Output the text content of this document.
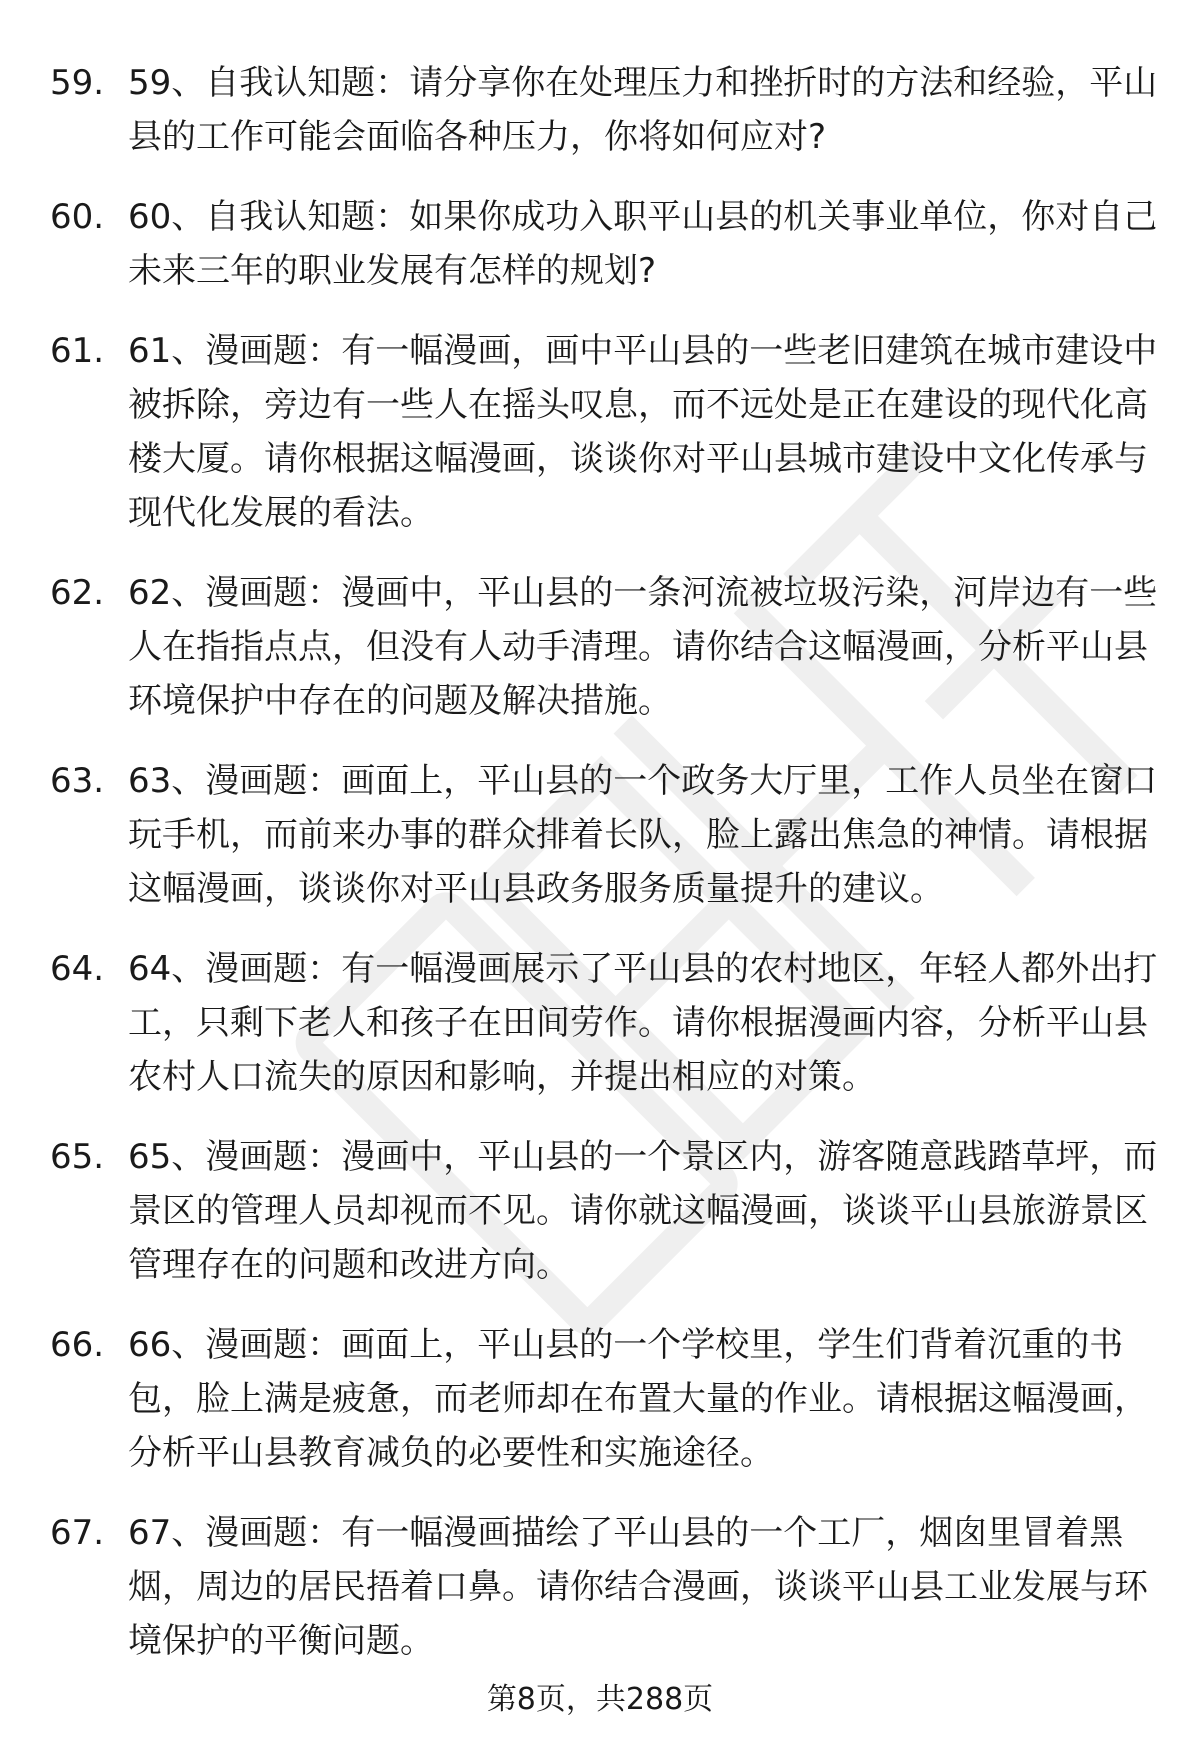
59. 59、自我认知题：请分享你在处理压力和挫折时的方法和经验，平山县的工作可能会面临各种压力，你将如何应对?

60. 60、自我认知题：如果你成功入职平山县的机关事业单位，你对自己未来三年的职业发展有怎样的规划?

61. 61、漫画题：有一幅漫画，画中平山县的一些老旧建筑在城市建设中被拆除，旁边有一些人在摇头叹息，而不远处是正在建设的现代化高楼大厦。请你根据这幅漫画，谈谈你对平山县城市建设中文化传承与现代化发展的看法。

62. 62、漫画题：漫画中，平山县的一条河流被垃圾污染，河岸边有一些人在指指点点，但没有人动手清理。请你结合这幅漫画，分析平山县环境保护中存在的问题及解决措施。

63. 63、漫画题：画面上，平山县的一个政务大厅里，工作人员坐在窗口玩手机，而前来办事的群众排着长队，脸上露出焦急的神情。请根据这幅漫画，谈谈你对平山县政务服务质量提升的建议。

64. 64、漫画题：有一幅漫画展示了平山县的农村地区，年轻人都外出打工，只剩下老人和孩子在田间劳作。请你根据漫画内容，分析平山县农村人口流失的原因和影响，并提出相应的对策。

65. 65、漫画题：漫画中，平山县的一个景区内，游客随意践踏草坪，而景区的管理人员却视而不见。请你就这幅漫画，谈谈平山县旅游景区管理存在的问题和改进方向。

66. 66、漫画题：画面上，平山县的一个学校里，学生们背着沉重的书包，脸上满是疲惫，而老师却在布置大量的作业。请根据这幅漫画，分析平山县教育减负的必要性和实施途径。

67. 67、漫画题：有一幅漫画描绘了平山县的一个工厂，烟囱里冒着黑烟，周边的居民捂着口鼻。请你结合漫画，谈谈平山县工业发展与环境保护的平衡问题。

第8页，共288页
